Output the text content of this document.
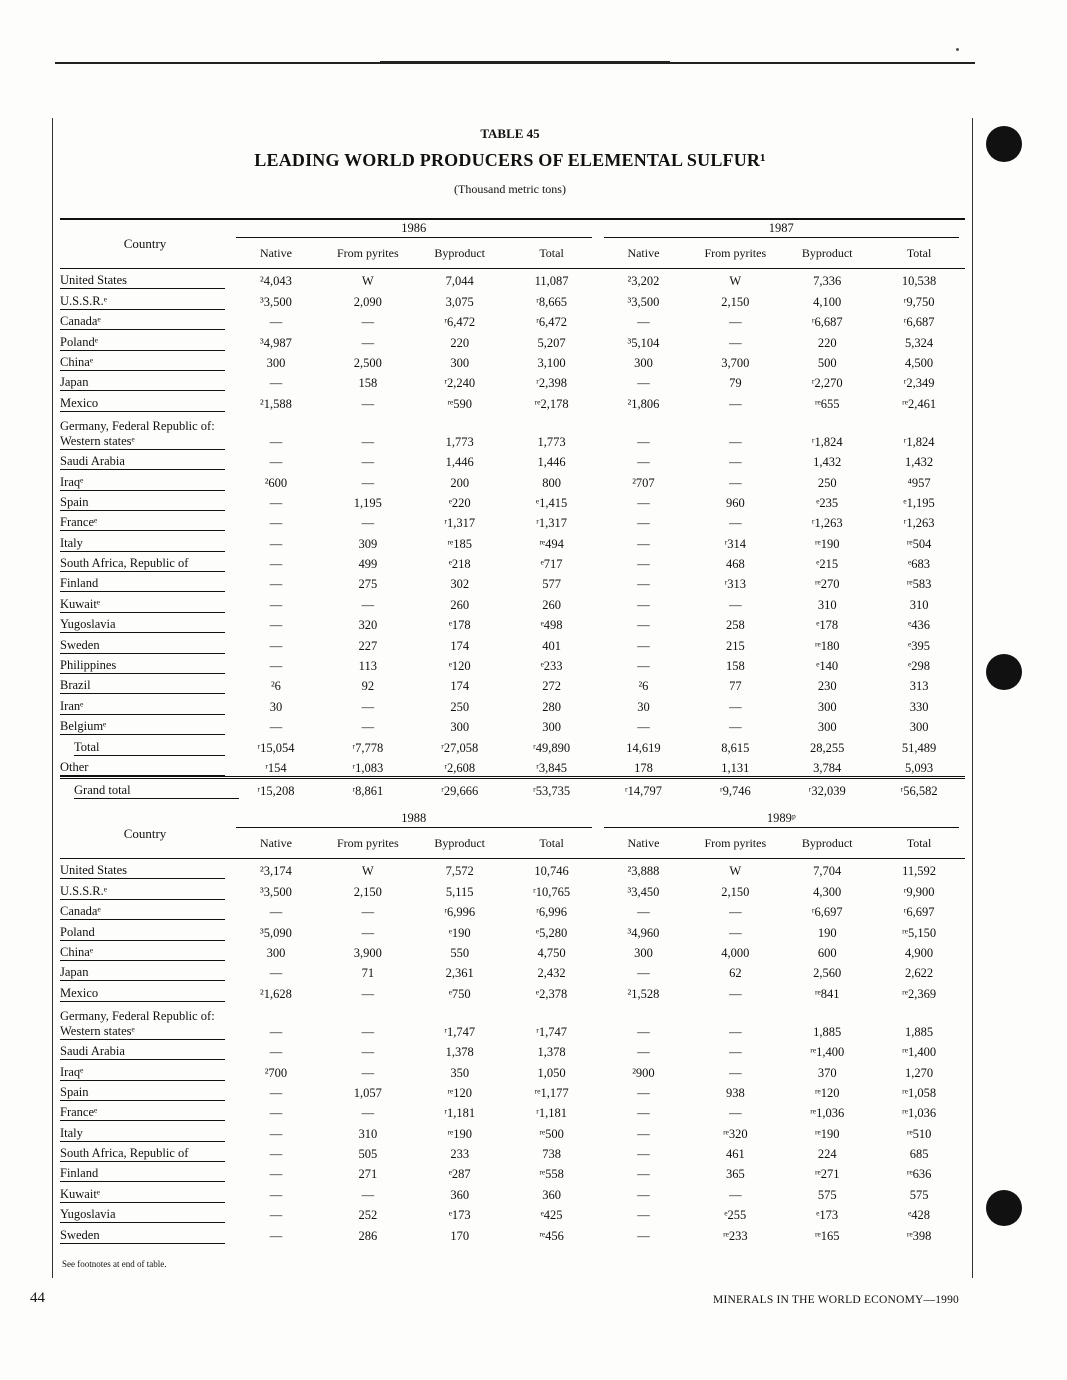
TABLE 45
LEADING WORLD PRODUCERS OF ELEMENTAL SULFUR¹
(Thousand metric tons)

	1986				1987			

Country	Native	From pyrites	Byproduct	Total	Native	From pyrites	Byproduct	Total
United States	²4,043	W	7,044	11,087	²3,202	W	7,336	10,538
U.S.S.R.ᵉ	³3,500	2,090	3,075	ʳ8,665	³3,500	2,150	4,100	ʳ9,750
Canadaᵉ	—	—	ʳ6,472	ʳ6,472	—	—	ʳ6,687	ʳ6,687
Polandᵉ	³4,987	—	220	5,207	³5,104	—	220	5,324
Chinaᵉ	300	2,500	300	3,100	300	3,700	500	4,500
Japan	—	158	ʳ2,240	ʳ2,398	—	79	ʳ2,270	ʳ2,349
Mexico	²1,588	—	ʳᵉ590	ʳᵉ2,178	²1,806	—	ʳᵉ655	ʳᵉ2,461
Germany, Federal Republic of: Western statesᵉ	—	—	1,773	1,773	—	—	ʳ1,824	ʳ1,824
Saudi Arabia	—	—	1,446	1,446	—	—	1,432	1,432
Iraqᵉ	²600	—	200	800	²707	—	250	⁴957
Spain	—	1,195	ᵉ220	ᵉ1,415	—	960	ᵉ235	ᵉ1,195
Franceᵉ	—	—	ʳ1,317	ʳ1,317	—	—	ʳ1,263	ʳ1,263
Italy	—	309	ʳᵉ185	ʳᵉ494	—	ʳ314	ʳᵉ190	ʳᵉ504
South Africa, Republic of	—	499	ᵉ218	ᵉ717	—	468	ᵉ215	ᵉ683
Finland	—	275	302	577	—	ʳ313	ʳᵉ270	ʳᵉ583
Kuwaitᵉ	—	—	260	260	—	—	310	310
Yugoslavia	—	320	ᵉ178	ᵉ498	—	258	ᵉ178	ᵉ436
Sweden	—	227	174	401	—	215	ʳᵉ180	ᵉ395
Philippines	—	113	ᵉ120	ᵉ233	—	158	ᵉ140	ᵉ298
Brazil	²6	92	174	272	²6	77	230	313
Iranᵉ	30	—	250	280	30	—	300	330
Belgiumᵉ	—	—	300	300	—	—	300	300
Total	ʳ15,054	ʳ7,778	ʳ27,058	ʳ49,890	14,619	8,615	28,255	51,489
Other	ʳ154	ʳ1,083	ʳ2,608	ʳ3,845	178	1,131	3,784	5,093
Grand total	ʳ15,208	ʳ8,861	ʳ29,666	ʳ53,735	ʳ14,797	ʳ9,746	ʳ32,039	ʳ56,582

	1988				1989ᵖ			

Country	Native	From pyrites	Byproduct	Total	Native	From pyrites	Byproduct	Total
United States	²3,174	W	7,572	10,746	²3,888	W	7,704	11,592
U.S.S.R.ᵉ	³3,500	2,150	5,115	ʳ10,765	³3,450	2,150	4,300	ʳ9,900
Canadaᵉ	—	—	ʳ6,996	ʳ6,996	—	—	ʳ6,697	ʳ6,697
Poland	³5,090	—	ᵉ190	ᵉ5,280	³4,960	—	190	ʳᵉ5,150
Chinaᵉ	300	3,900	550	4,750	300	4,000	600	4,900
Japan	—	71	2,361	2,432	—	62	2,560	2,622
Mexico	²1,628	—	ᵉ750	ᵉ2,378	²1,528	—	ʳᵉ841	ʳᵉ2,369
Germany, Federal Republic of: Western statesᵉ	—	—	ʳ1,747	ʳ1,747	—	—	1,885	1,885
Saudi Arabia	—	—	1,378	1,378	—	—	ʳᵉ1,400	ʳᵉ1,400
Iraqᵉ	²700	—	350	1,050	²900	—	370	1,270
Spain	—	1,057	ʳᵉ120	ʳᵉ1,177	—	938	ʳᵉ120	ʳᵉ1,058
Franceᵉ	—	—	ʳ1,181	ʳ1,181	—	—	ʳᵉ1,036	ʳᵉ1,036
Italy	—	310	ʳᵉ190	ʳᵉ500	—	ʳᵉ320	ʳᵉ190	ʳᵉ510
South Africa, Republic of	—	505	233	738	—	461	224	685
Finland	—	271	ᵉ287	ʳᵉ558	—	365	ʳᵉ271	ʳᵉ636
Kuwaitᵉ	—	—	360	360	—	—	575	575
Yugoslavia	—	252	ᵉ173	ᵉ425	—	ᵉ255	ᵉ173	ᵉ428
Sweden	—	286	170	ʳᵉ456	—	ʳᵉ233	ʳᵉ165	ʳᵉ398
See footnotes at end of table.
44	MINERALS IN THE WORLD ECONOMY—1990
